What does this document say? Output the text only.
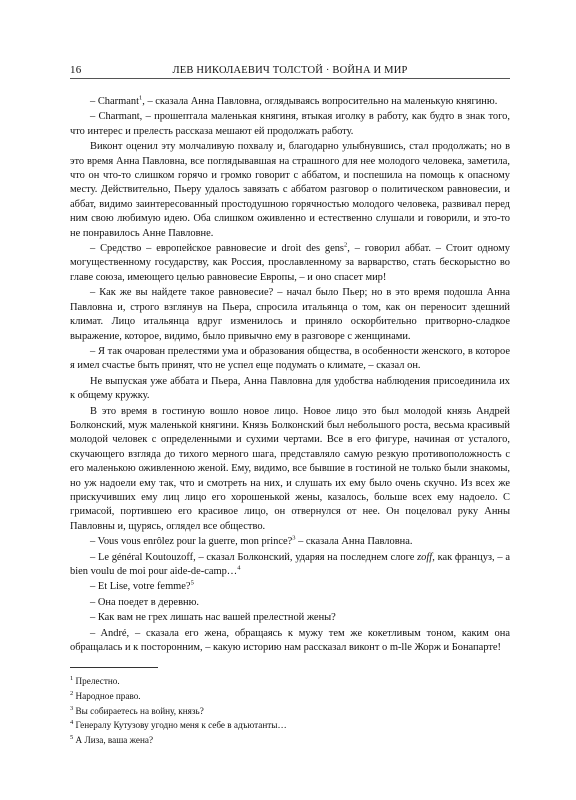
16	ЛЕВ НИКОЛАЕВИЧ ТОЛСТОЙ · ВОЙНА И МИР

– Charmant$^1$, – сказала Анна Павловна, оглядываясь вопросительно на маленькую княгиню.

– Charmant, – прошептала маленькая княгиня, втыкая иголку в работу, как будто в знак того, что интерес и прелесть рассказа мешают ей продолжать работу.

Виконт оценил эту молчаливую похвалу и, благодарно улыбнувшись, стал продолжать; но в это время Анна Павловна, все поглядывавшая на страшного для нее молодого человека, заметила, что он что-то слишком горячо и громко говорит с аббатом, и поспешила на помощь к опасному месту. Действительно, Пьеру удалось завязать с аббатом разговор о политическом равновесии, и аббат, видимо заинтересованный простодушною горячностью молодого человека, развивал перед ним свою любимую идею. Оба слишком оживленно и естественно слушали и говорили, и это-то не понравилось Анне Павловне.

– Средство – европейское равновесие и droit des gens$^2$, – говорил аббат. – Стоит одному могущественному государству, как Россия, прославленному за варварство, стать бескорыстно во главе союза, имеющего целью равновесие Европы, – и оно спасет мир!

– Как же вы найдете такое равновесие? – начал было Пьер; но в это время подошла Анна Павловна и, строго взглянув на Пьера, спросила итальянца о том, как он переносит здешний климат. Лицо итальянца вдруг изменилось и приняло оскорбительно притворно-сладкое выражение, которое, видимо, было привычно ему в разговоре с женщинами.

– Я так очарован прелестями ума и образования общества, в особенности женского, в которое я имел счастье быть принят, что не успел еще подумать о климате, – сказал он.

Не выпуская уже аббата и Пьера, Анна Павловна для удобства наблюдения присоединила их к общему кружку.

В это время в гостиную вошло новое лицо. Новое лицо это был молодой князь Андрей Болконский, муж маленькой княгини. Князь Болконский был небольшого роста, весьма красивый молодой человек с определенными и сухими чертами. Все в его фигуре, начиная от усталого, скучающего взгляда до тихого мерного шага, представляло самую резкую противоположность с его маленькою оживленною женой. Ему, видимо, все бывшие в гостиной не только были знакомы, но уж надоели ему так, что и смотреть на них, и слушать их ему было очень скучно. Из всех же прискучивших ему лиц лицо его хорошенькой жены, казалось, больше всех ему надоело. С гримасой, портившею его красивое лицо, он отвернулся от нее. Он поцеловал руку Анны Павловны и, щурясь, оглядел все общество.

– Vous vous enrôlez pour la guerre, mon prince?$^3$ – сказала Анна Павловна.

– Le général Koutouzoff, – сказал Болконский, ударяя на последнем слоге zoff, как француз, – a bien voulu de moi pour aide-de-camp…$^4$

– Et Lise, votre femme?$^5$

– Она поедет в деревню.

– Как вам не грех лишать нас вашей прелестной жены?

– André, – сказала его жена, обращаясь к мужу тем же кокетливым тоном, каким она обращалась и к посторонним, – какую историю нам рассказал виконт о m-lle Жорж и Бонапарте!

$^1$ Прелестно.
$^2$ Народное право.
$^3$ Вы собираетесь на войну, князь?
$^4$ Генералу Кутузову угодно меня к себе в адъютанты…
$^5$ А Лиза, ваша жена?
